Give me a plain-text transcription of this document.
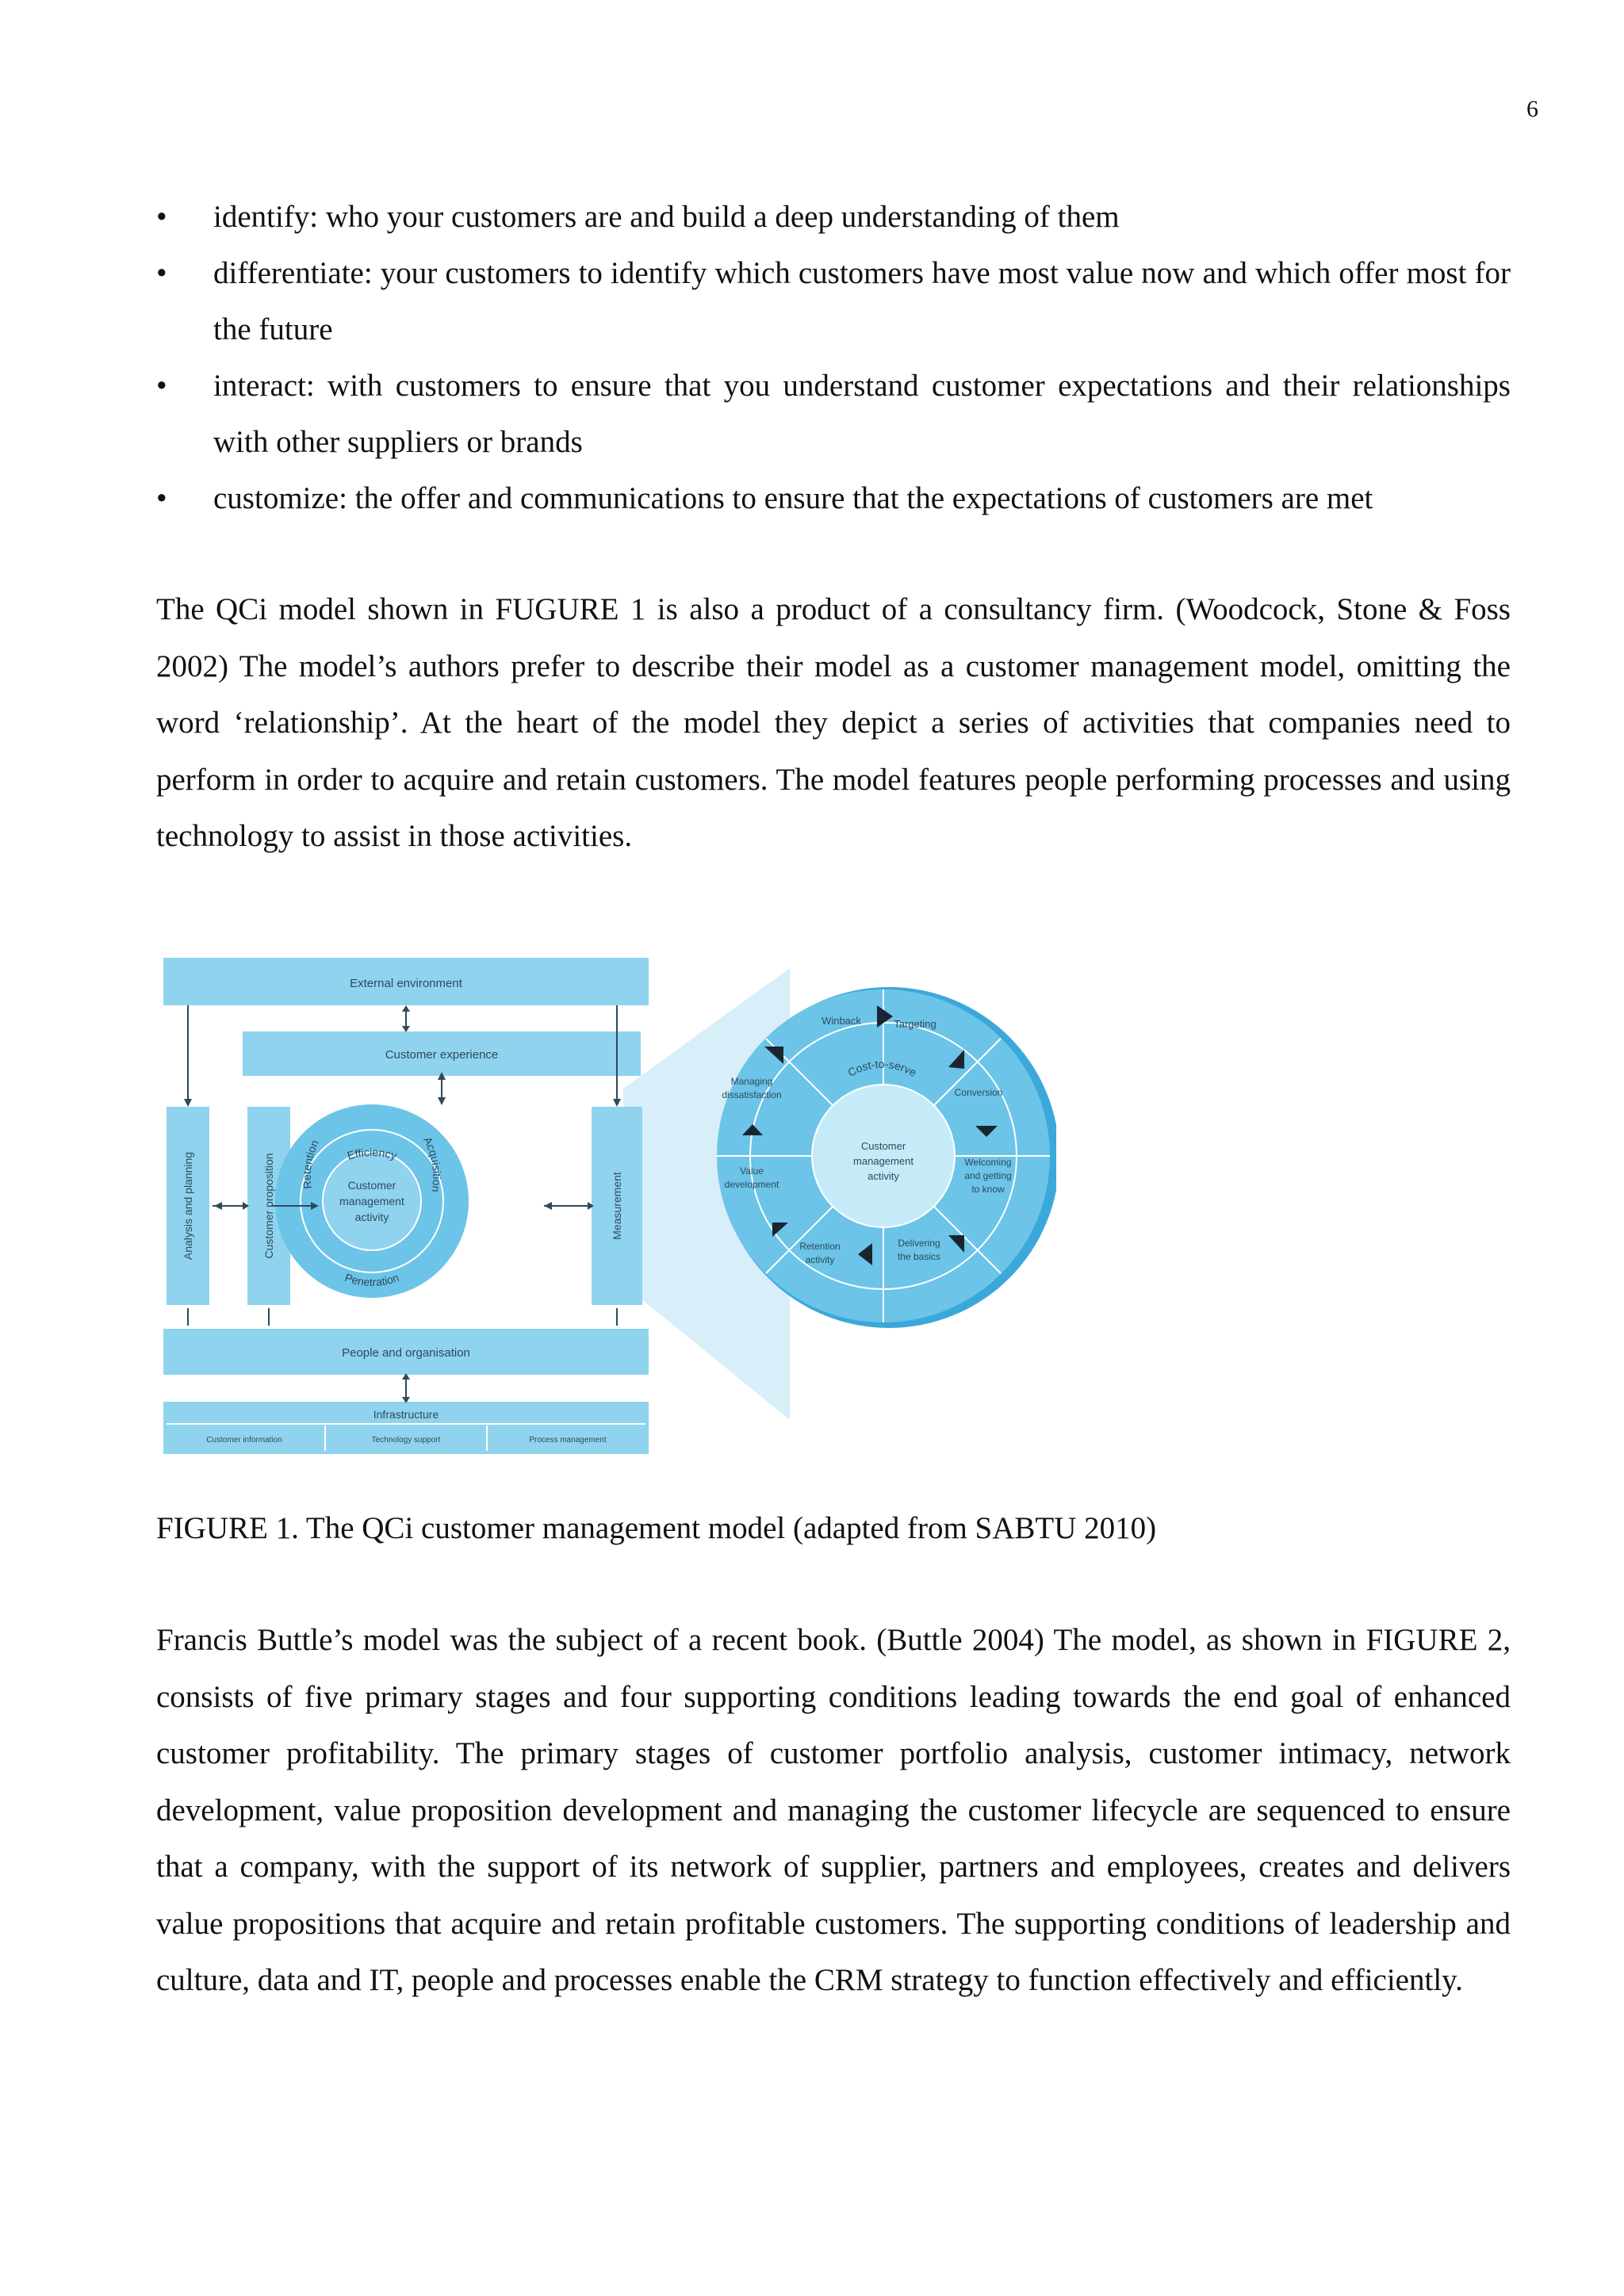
6
• identify: who your customers are and build a deep understanding of them
• differentiate: your customers to identify which customers have most value now and which offer most for the future
• interact: with customers to ensure that you understand customer expectations and their relationships with other suppliers or brands
• customize: the offer and communications to ensure that the expectations of customers are met

The QCi model shown in FUGURE 1 is also a product of a consultancy firm. (Woodcock, Stone & Foss 2002) The model’s authors prefer to describe their model as a customer management model, omitting the word ‘relationship’. At the heart of the model they depict a series of activities that companies need to perform in order to acquire and retain customers. The model features people performing processes and using technology to assist in those activities.

External environment
Customer experience
Analysis and planning	Customer proposition	Measurement
Efficiency
Retention	Acquisition
Penetration
Customer
management
activity
People and organisation
Infrastructure
Customer information	Technology support	Process management
Cost-to-serve
Customer
management
activity
Winback	Targeting
Conversion
Welcoming
and getting
to know
Delivering
the basics
Retention
activity
Value
development
Managing
dissatisfaction

FIGURE 1. The QCi customer management model (adapted from SABTU 2010)

Francis Buttle’s model was the subject of a recent book. (Buttle 2004) The model, as shown in FIGURE 2, consists of five primary stages and four supporting conditions leading towards the end goal of enhanced customer profitability. The primary stages of customer portfolio analysis, customer intimacy, network development, value proposition development and managing the customer lifecycle are sequenced to ensure that a company, with the support of its network of supplier, partners and employees, creates and delivers value propositions that acquire and retain profitable customers. The supporting conditions of leadership and culture, data and IT, people and processes enable the CRM strategy to function effectively and efficiently.
